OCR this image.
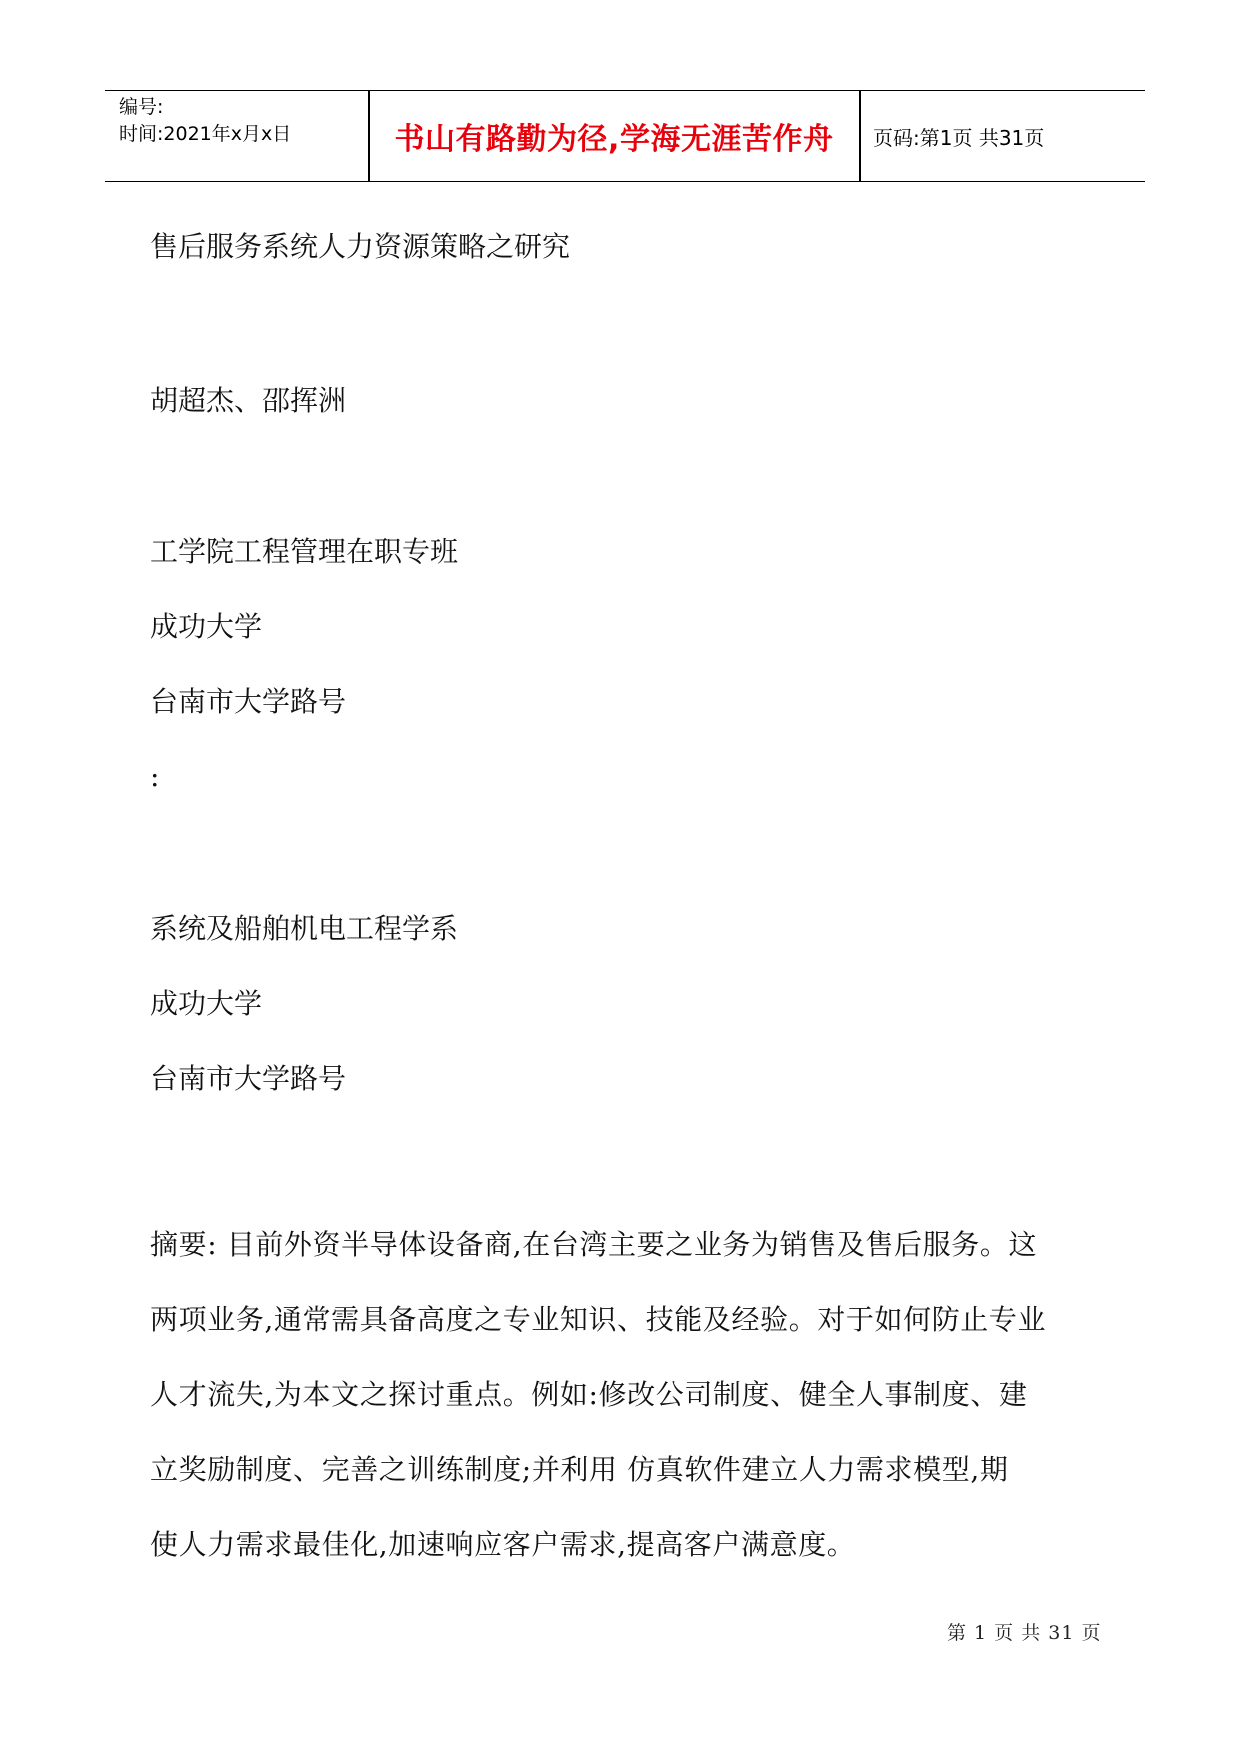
编号:
时间:2021年x月x日	书山有路勤为径,学海无涯苦作舟	页码:第1页 共31页
售后服务系统人力资源策略之研究
胡超杰、邵挥洲
工学院工程管理在职专班
成功大学
台南市大学路号
:
系统及船舶机电工程学系
成功大学
台南市大学路号
摘要: 目前外资半导体设备商,在台湾主要之业务为销售及售后服务。这
两项业务,通常需具备高度之专业知识、技能及经验。对于如何防止专业
人才流失,为本文之探讨重点。例如:修改公司制度、健全人事制度、建
立奖励制度、完善之训练制度;并利用 仿真软件建立人力需求模型,期
使人力需求最佳化,加速响应客户需求,提高客户满意度。
第 1 页 共 31 页
